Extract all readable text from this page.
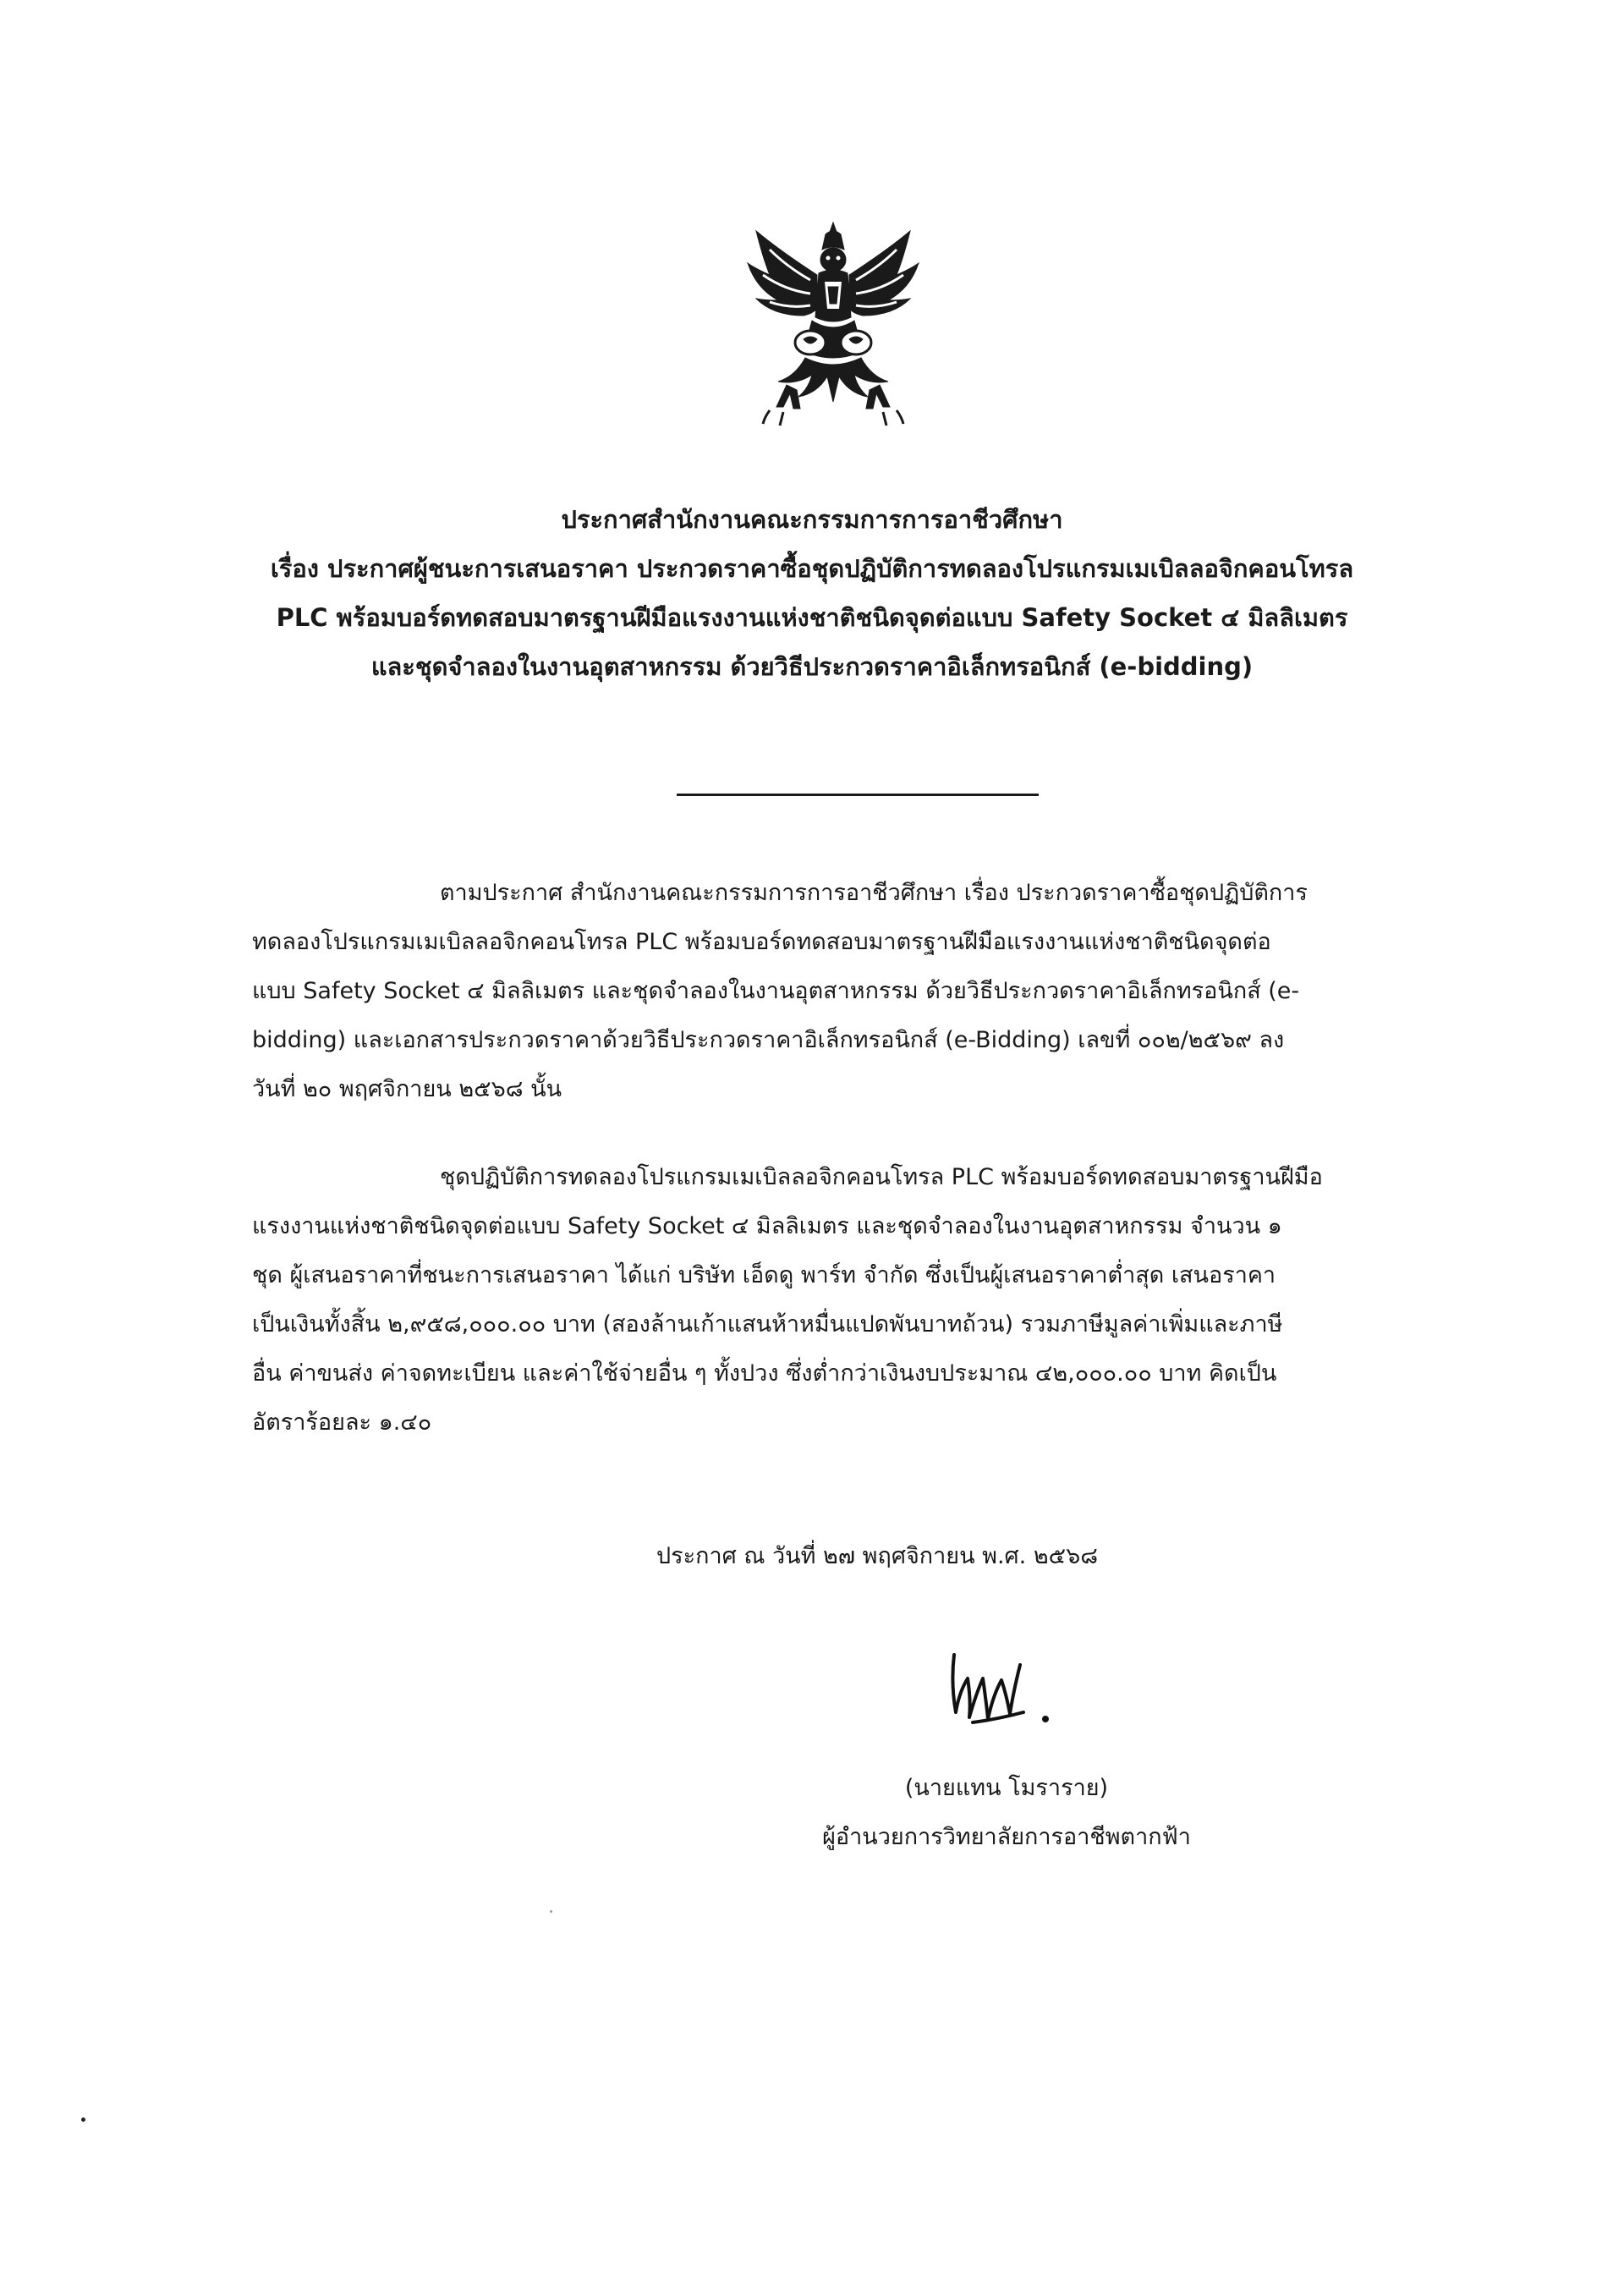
ประกาศสำนักงานคณะกรรมการการอาชีวศึกษา
เรื่อง ประกาศผู้ชนะการเสนอราคา ประกวดราคาซื้อชุดปฏิบัติการทดลองโปรแกรมเมเบิลลอจิกคอนโทรล
PLC พร้อมบอร์ดทดสอบมาตรฐานฝีมือแรงงานแห่งชาติชนิดจุดต่อแบบ Safety Socket ๔ มิลลิเมตร
และชุดจำลองในงานอุตสาหกรรม ด้วยวิธีประกวดราคาอิเล็กทรอนิกส์ (e-bidding)
ตามประกาศ สำนักงานคณะกรรมการการอาชีวศึกษา เรื่อง ประกวดราคาซื้อชุดปฏิบัติการ
ทดลองโปรแกรมเมเบิลลอจิกคอนโทรล PLC พร้อมบอร์ดทดสอบมาตรฐานฝีมือแรงงานแห่งชาติชนิดจุดต่อ
แบบ Safety Socket ๔ มิลลิเมตร และชุดจำลองในงานอุตสาหกรรม ด้วยวิธีประกวดราคาอิเล็กทรอนิกส์ (e-
bidding) และเอกสารประกวดราคาด้วยวิธีประกวดราคาอิเล็กทรอนิกส์ (e-Bidding) เลขที่ ๐๐๒/๒๕๖๙ ลง
วันที่ ๒๐ พฤศจิกายน ๒๕๖๘ นั้น
ชุดปฏิบัติการทดลองโปรแกรมเมเบิลลอจิกคอนโทรล PLC พร้อมบอร์ดทดสอบมาตรฐานฝีมือ
แรงงานแห่งชาติชนิดจุดต่อแบบ Safety Socket ๔ มิลลิเมตร และชุดจำลองในงานอุตสาหกรรม จำนวน ๑
ชุด ผู้เสนอราคาที่ชนะการเสนอราคา ได้แก่ บริษัท เอ็ดดู พาร์ท จำกัด ซึ่งเป็นผู้เสนอราคาต่ำสุด เสนอราคา
เป็นเงินทั้งสิ้น ๒,๙๕๘,๐๐๐.๐๐ บาท (สองล้านเก้าแสนห้าหมื่นแปดพันบาทถ้วน) รวมภาษีมูลค่าเพิ่มและภาษี
อื่น ค่าขนส่ง ค่าจดทะเบียน และค่าใช้จ่ายอื่น ๆ ทั้งปวง ซึ่งต่ำกว่าเงินงบประมาณ ๔๒,๐๐๐.๐๐ บาท คิดเป็น
อัตราร้อยละ ๑.๔๐
ประกาศ ณ วันที่ ๒๗ พฤศจิกายน พ.ศ. ๒๕๖๘
(นายแทน โมราราย)
ผู้อำนวยการวิทยาลัยการอาชีพตากฟ้า
